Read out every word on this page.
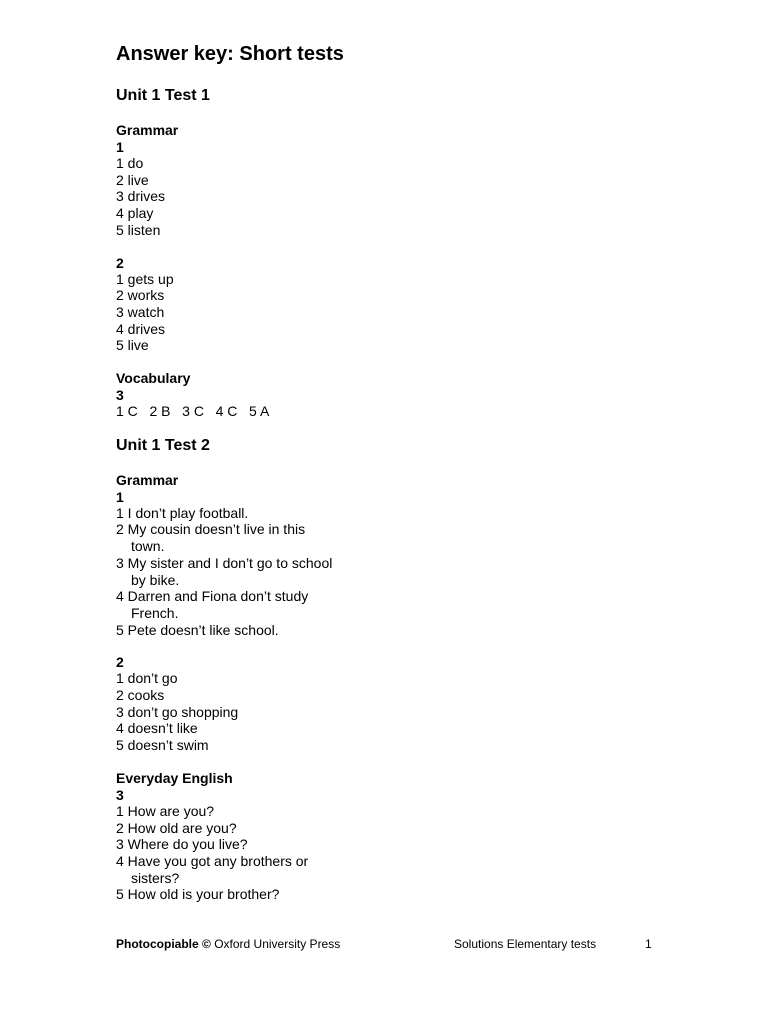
Answer key: Short tests
Unit 1 Test 1
Grammar
1
1 do
2 live
3 drives
4 play
5 listen
2
1 gets up
2 works
3 watch
4 drives
5 live
Vocabulary
3
1 C   2 B   3 C   4 C   5 A
Unit 1 Test 2
Grammar
1
1 I don’t play football.
2 My cousin doesn’t live in this
town.
3 My sister and I don’t go to school
by bike.
4 Darren and Fiona don’t study
French.
5 Pete doesn’t like school.
2
1 don’t go
2 cooks
3 don’t go shopping
4 doesn’t like
5 doesn’t swim
Everyday English
3
1 How are you?
2 How old are you?
3 Where do you live?
4 Have you got any brothers or
sisters?
5 How old is your brother?
Photocopiable © Oxford University Press	Solutions Elementary tests	1
